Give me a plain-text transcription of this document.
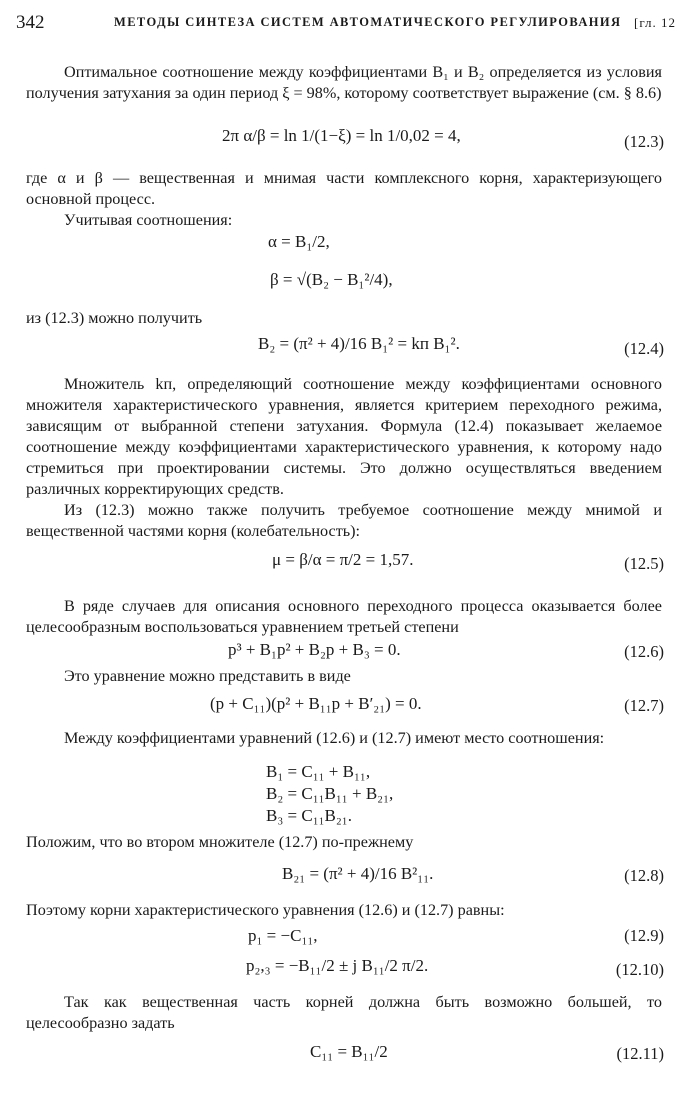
342	МЕТОДЫ СИНТЕЗА СИСТЕМ АВТОМАТИЧЕСКОГО РЕГУЛИРОВАНИЯ [гл. 12
Оптимальное соотношение между коэффициентами B₁ и B₂ определяется из условия получения затухания за один период ξ = 98%, которому соответствует выражение (см. § 8.6)
2π α/β = ln 1/(1−ξ) = ln 1/0,02 = 4,	(12.3)
где α и β — вещественная и мнимая части комплексного корня, характеризующего основной процесс.
Учитывая соотношения:
α = B₁/2,
β = √(B₂ − B₁²/4),
из (12.3) можно получить
B₂ = (π² + 4)/16 B₁² = kп B₁².	(12.4)
Множитель kп, определяющий соотношение между коэффициентами основного множителя характеристического уравнения, является критерием переходного режима, зависящим от выбранной степени затухания. Формула (12.4) показывает желаемое соотношение между коэффициентами характеристического уравнения, к которому надо стремиться при проектировании системы. Это должно осуществляться введением различных корректирующих средств.
Из (12.3) можно также получить требуемое соотношение между мнимой и вещественной частями корня (колебательность):
μ = β/α = π/2 = 1,57.	(12.5)
В ряде случаев для описания основного переходного процесса оказывается более целесообразным воспользоваться уравнением третьей степени
p³ + B₁p² + B₂p + B₃ = 0.	(12.6)
Это уравнение можно представить в виде
(p + C₁₁)(p² + B₁₁p + B′₂₁) = 0.	(12.7)
Между коэффициентами уравнений (12.6) и (12.7) имеют место соотношения:
B₁ = C₁₁ + B₁₁,
B₂ = C₁₁B₁₁ + B₂₁,
B₃ = C₁₁B₂₁.
Положим, что во втором множителе (12.7) по-прежнему
B₂₁ = (π² + 4)/16 B²₁₁.	(12.8)
Поэтому корни характеристического уравнения (12.6) и (12.7) равны:
p₁ = −C₁₁,	(12.9)
p₂,₃ = −B₁₁/2 ± j B₁₁/2 π/2.	(12.10)
Так как вещественная часть корней должна быть возможно большей, то целесообразно задать
C₁₁ = B₁₁/2	(12.11)
